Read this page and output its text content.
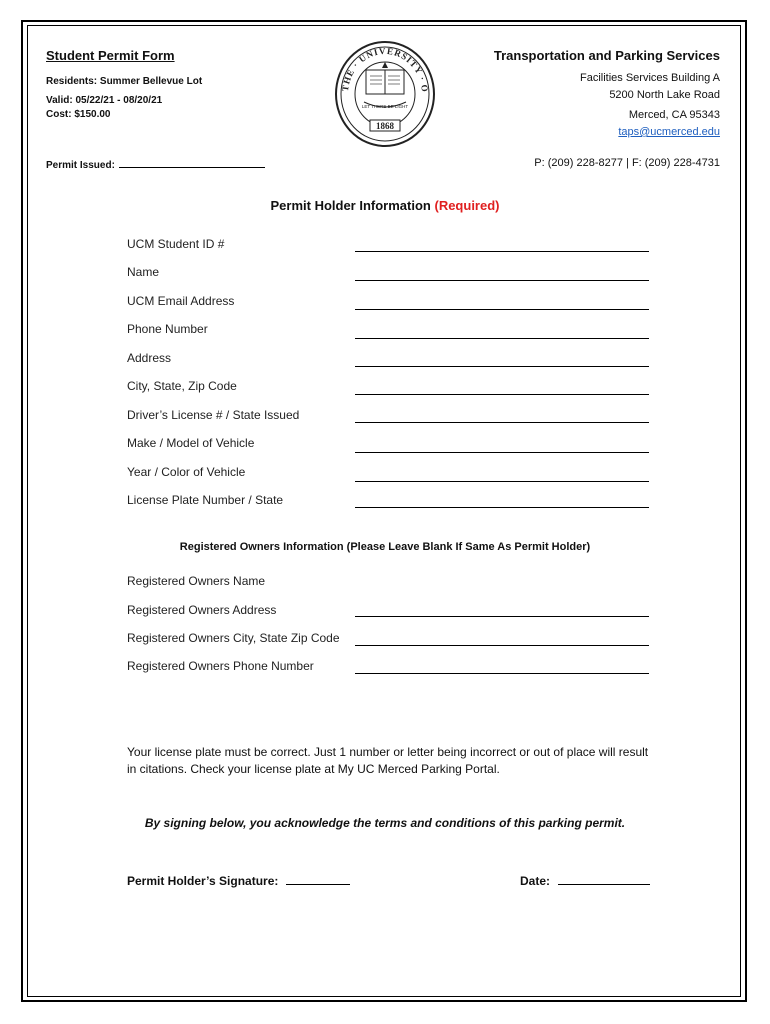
Student Permit Form
Residents: Summer Bellevue Lot
Valid: 05/22/21 - 08/20/21
Cost: $150.00
Permit Issued:
THE · UNIVERSITY · O
LET THERE BE LIGHT
1868
Transportation and Parking Services
Facilities Services Building A
5200 North Lake Road
Merced, CA 95343
taps@ucmerced.edu
P: (209) 228-8277 | F: (209) 228-4731
Permit Holder Information (Required)
UCM Student ID #
Name
UCM Email Address
Phone Number
Address
City, State, Zip Code
Driver’s License # / State Issued
Make / Model of Vehicle
Year / Color of Vehicle
License Plate Number / State
Registered Owners Information (Please Leave Blank If Same As Permit Holder)
Registered Owners Name
Registered Owners Address
Registered Owners City, State Zip Code
Registered Owners Phone Number
Your license plate must be correct. Just 1 number or letter being incorrect or out of place will result in citations. Check your license plate at My UC Merced Parking Portal.
By signing below, you acknowledge the terms and conditions of this parking permit.
Permit Holder’s Signature:	Date:
